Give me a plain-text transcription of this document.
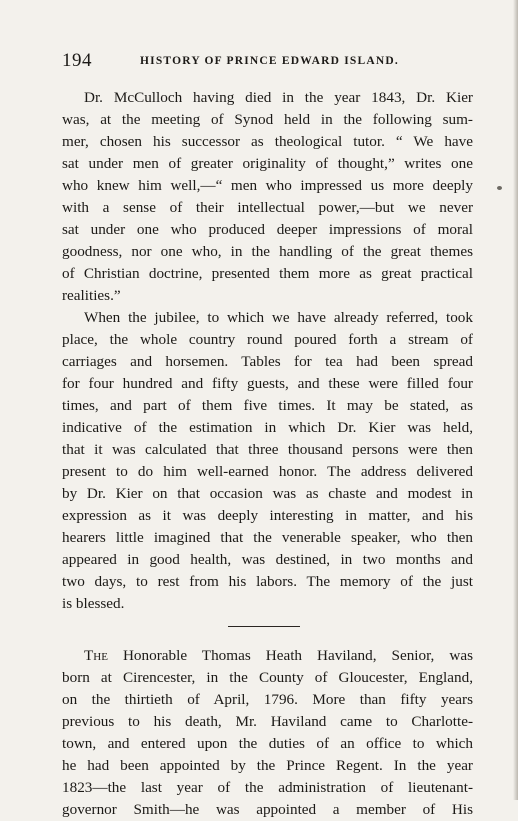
194	HISTORY OF PRINCE EDWARD ISLAND.
Dr. McCulloch having died in the year 1843, Dr. Kier
was, at the meeting of Synod held in the following sum-
mer, chosen his successor as theological tutor. “ We have
sat under men of greater originality of thought,” writes one
who knew him well,—“ men who impressed us more deeply
with a sense of their intellectual power,—but we never
sat under one who produced deeper impressions of moral
goodness, nor one who, in the handling of the great themes
of Christian doctrine, presented them more as great practical
realities.”
When the jubilee, to which we have already referred, took
place, the whole country round poured forth a stream of
carriages and horsemen. Tables for tea had been spread
for four hundred and fifty guests, and these were filled four
times, and part of them five times. It may be stated, as
indicative of the estimation in which Dr. Kier was held,
that it was calculated that three thousand persons were then
present to do him well-earned honor. The address delivered
by Dr. Kier on that occasion was as chaste and modest in
expression as it was deeply interesting in matter, and his
hearers little imagined that the venerable speaker, who then
appeared in good health, was destined, in two months and
two days, to rest from his labors. The memory of the just
is blessed.
The Honorable Thomas Heath Haviland, Senior, was
born at Cirencester, in the County of Gloucester, England,
on the thirtieth of April, 1796. More than fifty years
previous to his death, Mr. Haviland came to Charlotte-
town, and entered upon the duties of an office to which
he had been appointed by the Prince Regent. In the year
1823—the last year of the administration of lieutenant-
governor Smith—he was appointed a member of His
